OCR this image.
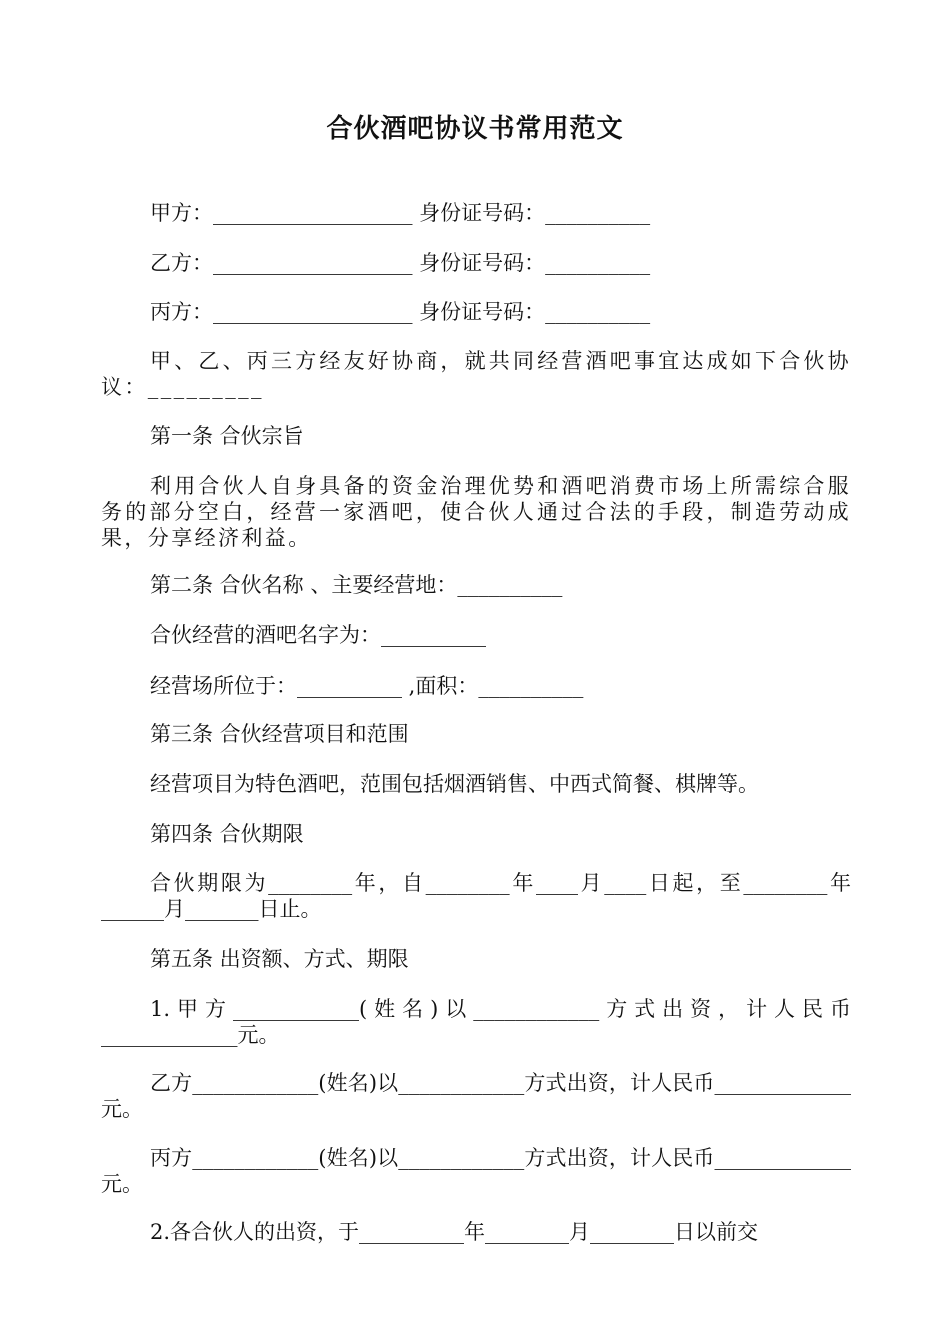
合伙酒吧协议书常用范文
甲方：___________________ 身份证号码：__________
乙方：___________________ 身份证号码：__________
丙方：___________________ 身份证号码：__________
甲、乙、丙三方经友好协商，就共同经营酒吧事宜达成如下合伙协议：_________
第一条 合伙宗旨
利用合伙人自身具备的资金治理优势和酒吧消费市场上所需综合服务的部分空白，经营一家酒吧，使合伙人通过合法的手段，制造劳动成果，分享经济利益。
第二条 合伙名称 、主要经营地：__________
合伙经营的酒吧名字为：__________
经营场所位于：__________ ,面积：__________
第三条 合伙经营项目和范围
经营项目为特色酒吧，范围包括烟酒销售、中西式简餐、棋牌等。
第四条 合伙期限
合伙期限为________年，自________年____月____日起，至________年______月_______日止。
第五条 出资额、方式、期限
1.甲方____________(姓名)以____________方式出资，计人民币_____________元。
乙方____________(姓名)以____________方式出资，计人民币_____________元。
丙方____________(姓名)以____________方式出资，计人民币_____________元。
2.各合伙人的出资，于__________年________月________日以前交
